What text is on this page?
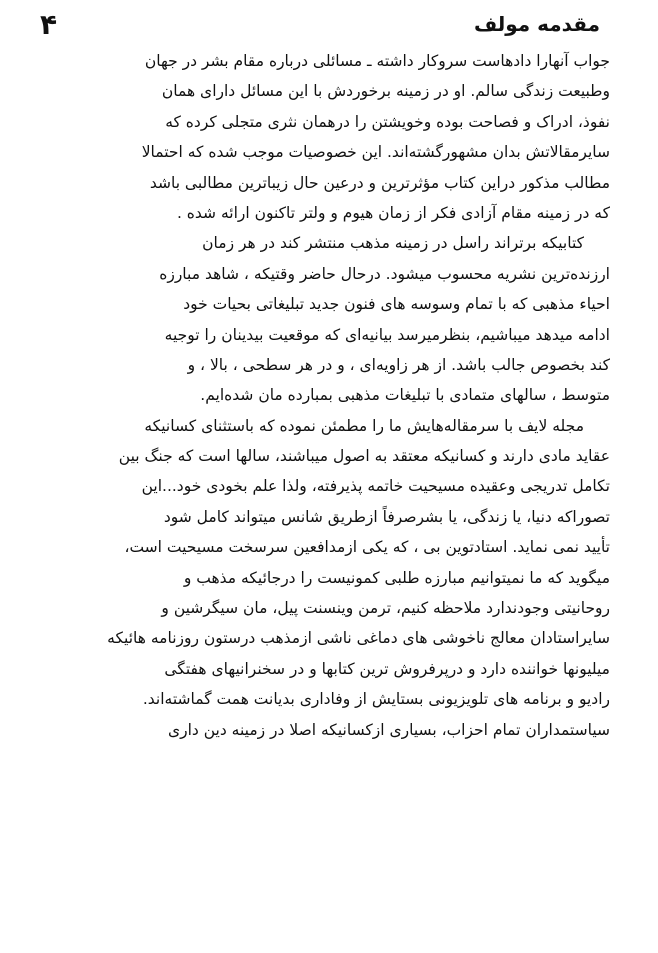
مقدمه مولف
۴
جواب آنهارا دادهاست سروکار داشته ـ مسائلی درباره مقام بشر در جهان
وطبیعت زندگی سالم. او در زمینه برخوردش با این مسائل دارای همان
نفوذ، ادراک و فصاحت بوده وخویشتن را درهمان نثری متجلی کرده که
سایرمقالاتش بدان مشهورگشته‌اند. این خصوصیات موجب شده که احتمالا
مطالب مذکور دراین کتاب مؤثرترین و درعین حال زیباترین مطالبی باشد
که در زمینه مقام آزادی فکر از زمان هیوم و ولتر تاکنون ارائه شده .
کتابیکه برتراند راسل در زمینه مذهب منتشر کند در هر زمان
ارزنده‌ترین نشریه محسوب میشود. درحال حاضر وقتیکه ، شاهد مبارزه
احیاء مذهبی که با تمام وسوسه های فنون جدید تبلیغاتی بحیات خود
ادامه میدهد میباشیم، بنظرمیرسد بیانیه‌ای که موقعیت بیدینان را توجیه
کند بخصوص جالب باشد. از هر زاویه‌ای ، و در هر سطحی ، بالا ، و
متوسط ، سالهای متمادی با تبلیغات مذهبی بمبارده مان شده‌ایم.
مجله لایف با سرمقاله‌هایش ما را مطمئن نموده که باستثنای کسانیکه
عقاید مادی دارند و کسانیکه معتقد به اصول میباشند، سالها است که جنگ بین
تکامل تدریجی وعقیده مسیحیت خاتمه پذیرفته، ولذا علم بخودی خود...این
تصوراکه دنیا، یا زندگی، یا بشرصرفاً ازطریق شانس میتواند کامل شود
تأیید نمی نماید. استادتوین بی ، که یکی ازمدافعین سرسخت مسیحیت است،
میگوید که ما نمیتوانیم مبارزه طلبی کمونیست را درجائیکه مذهب و
روحانیتی وجودندارد ملاحظه کنیم، ترمن وینسنت پیل، مان سیگرشین و
سایراستادان معالج ناخوشی های دماغی ناشی ازمذهب درستون روزنامه هائیکه
میلیونها خوانندە دارد و درپرفروش ترین کتابها و در سخنرانیهای هفتگی
رادیو و برنامه های تلویزیونی بستایش از وفاداری بدیانت همت گماشته‌اند.
سیاستمداران تمام احزاب، بسیاری ازکسانیکه اصلا در زمینه دین داری
